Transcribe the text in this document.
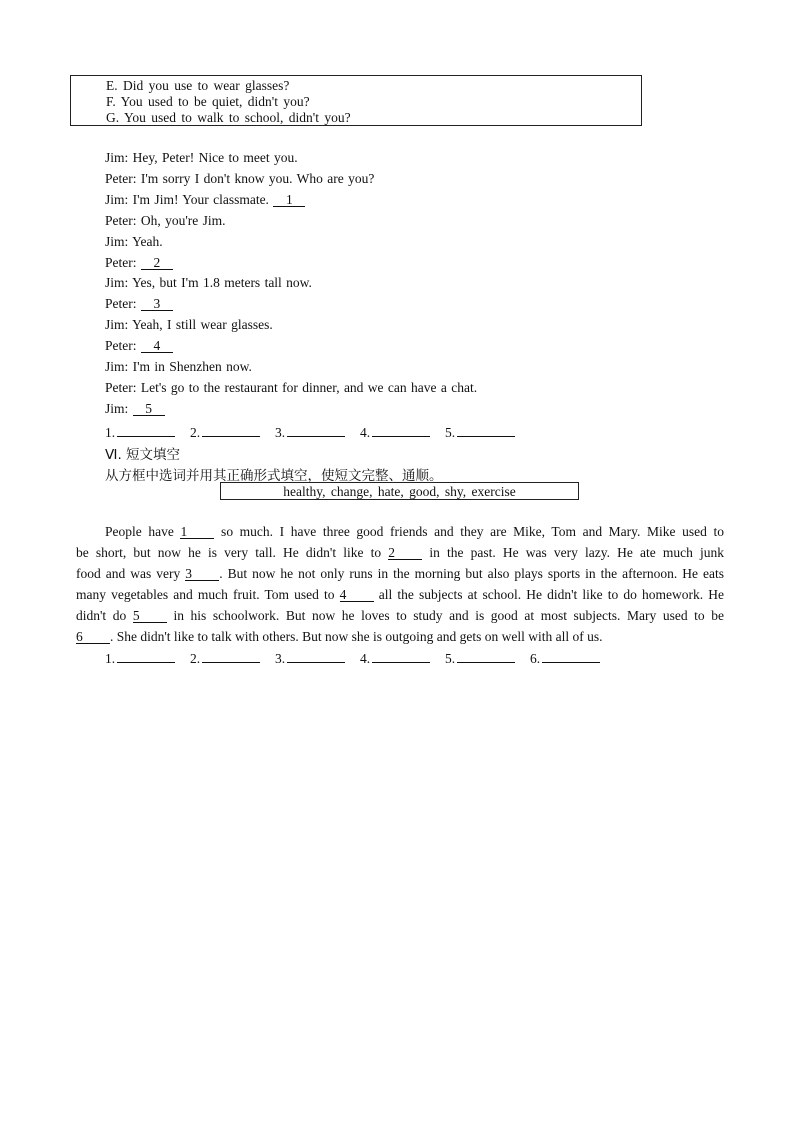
E. Did you use to wear glasses?
F. You used to be quiet, didn't you?
G. You used to walk to school, didn't you?
Jim: Hey, Peter! Nice to meet you.
Peter: I'm sorry I don't know you. Who are you?
Jim: I'm Jim! Your classmate. 1
Peter: Oh, you're Jim.
Jim: Yeah.
Peter: 2
Jim: Yes, but I'm 1.8 meters tall now.
Peter: 3
Jim: Yeah, I still wear glasses.
Peter: 4
Jim: I'm in Shenzhen now.
Peter: Let's go to the restaurant for dinner, and we can have a chat.
Jim: 5
1.	2.	3.	4.	5.
Ⅵ. 短文填空
从方框中选词并用其正确形式填空，使短文完整、通顺。
healthy, change, hate, good, shy, exercise
People have 1 so much. I have three good friends and they are Mike, Tom and Mary. Mike used to
be short, but now he is very tall. He didn't like to 2 in the past. He was very lazy. He ate much junk
food and was very 3 . But now he not only runs in the morning but also plays sports in the afternoon. He eats
many vegetables and much fruit. Tom used to 4 all the subjects at school. He didn't like to do homework. He
didn't do 5 in his schoolwork. But now he loves to study and is good at most subjects. Mary used to be
6 . She didn't like to talk with others. But now she is outgoing and gets on well with all of us.
1.	2.	3.	4.	5.	6.
